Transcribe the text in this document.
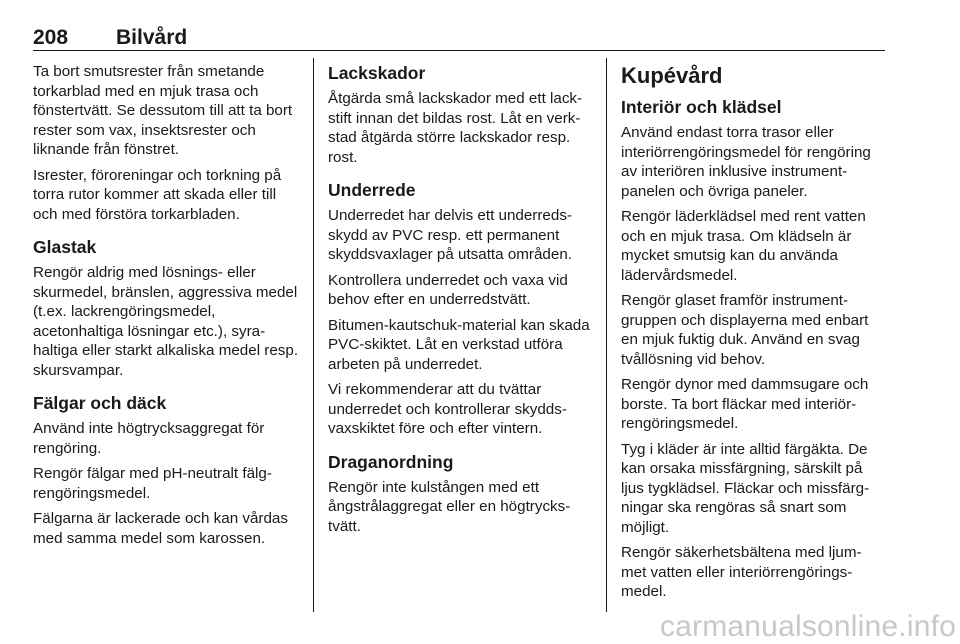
208 Bilvård

Ta bort smutsrester från smetande torkarblad med en mjuk trasa och fönstertvätt. Se dessutom till att ta bort rester som vax, insektsrester och liknande från fönstret.

Isrester, föroreningar och torkning på torra rutor kommer att skada eller till och med förstöra torkarbladen.

Glastak

Rengör aldrig med lösnings- eller skurmedel, bränslen, aggressiva medel (t.ex. lackrengöringsmedel, acetonhaltiga lösningar etc.), syra-haltiga eller starkt alkaliska medel resp. skursvampar.

Fälgar och däck

Använd inte högtrycksaggregat för rengöring.

Rengör fälgar med pH-neutralt fälg-rengöringsmedel.

Fälgarna är lackerade och kan vårdas med samma medel som karossen.

Lackskador

Åtgärda små lackskador med ett lack-stift innan det bildas rost. Låt en verk-stad åtgärda större lackskador resp. rost.

Underrede

Underredet har delvis ett underreds-skydd av PVC resp. ett permanent skyddsvaxlager på utsatta områden.

Kontrollera underredet och vaxa vid behov efter en underredstvätt.

Bitumen-kautschuk-material kan skada PVC-skiktet. Låt en verkstad utföra arbeten på underredet.

Vi rekommenderar att du tvättar underredet och kontrollerar skydds-vaxskiktet före och efter vintern.

Draganordning

Rengör inte kulstången med ett ångstrålaggregat eller en högtrycks-tvätt.

Kupévård
Interiör och klädsel

Använd endast torra trasor eller interiörrengöringsmedel för rengöring av interiören inklusive instrument-panelen och övriga paneler.

Rengör läderklädsel med rent vatten och en mjuk trasa. Om klädseln är mycket smutsig kan du använda lädervårdsmedel.

Rengör glaset framför instrument-gruppen och displayerna med enbart en mjuk fuktig duk. Använd en svag tvållösning vid behov.

Rengör dynor med dammsugare och borste. Ta bort fläckar med interiör-rengöringsmedel.

Tyg i kläder är inte alltid färgäkta. De kan orsaka missfärgning, särskilt på ljus tygklädsel. Fläckar och missfärg-ningar ska rengöras så snart som möjligt.

Rengör säkerhetsbältena med ljum-met vatten eller interiörrengörings-medel.

carmanualsonline.info
